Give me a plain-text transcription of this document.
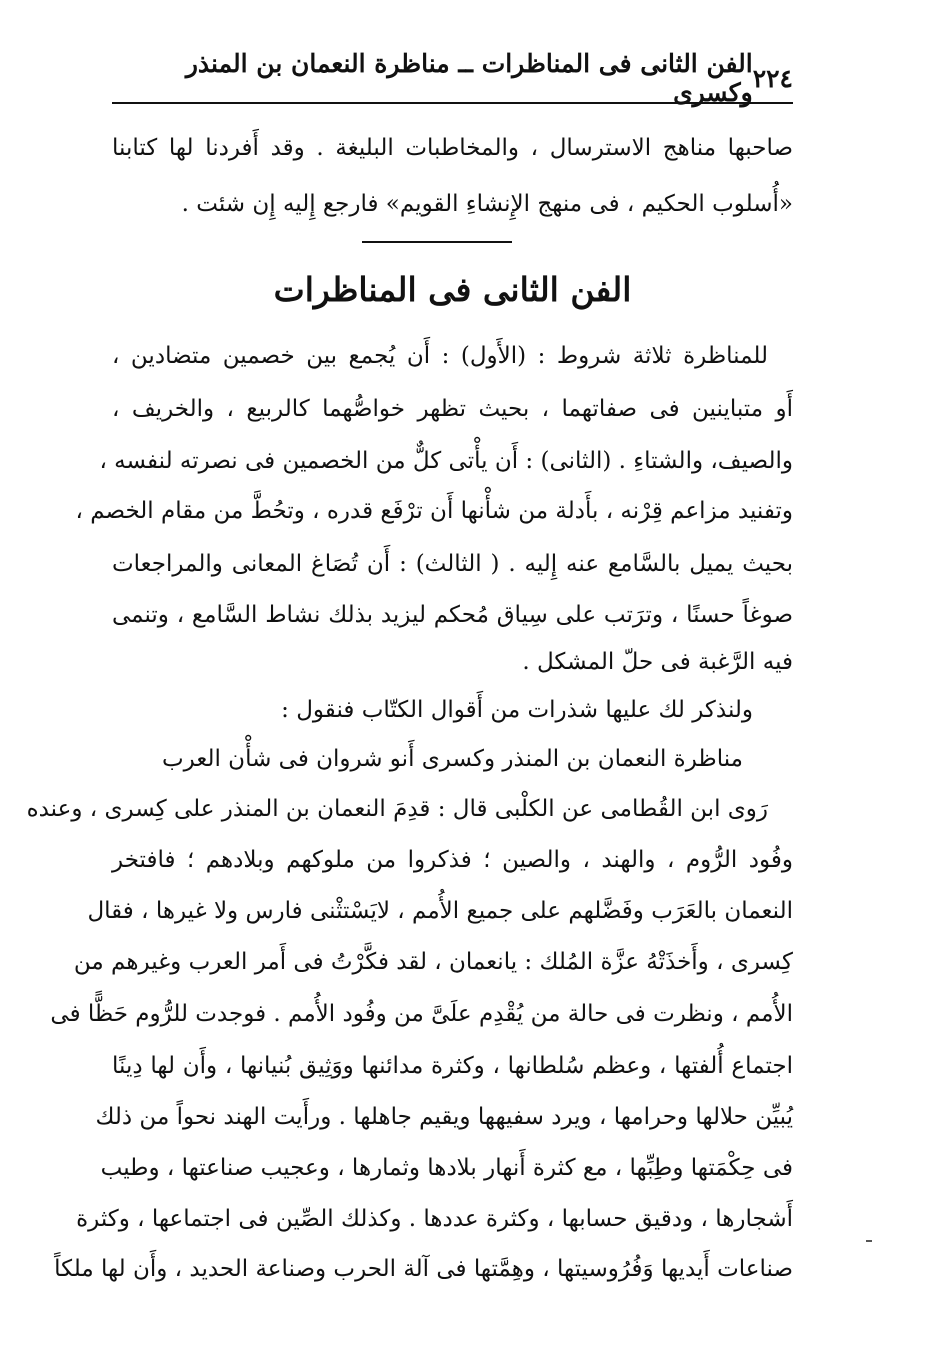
٢٢٤
الفن الثانى فى المناظرات ــ مناظرة النعمان بن المنذر وكسرى
صاحبها مناهج الاسترسال ، والمخاطبات البليغة . وقد أَفردنا لها كتابنا
«أُسلوب الحكيم ، فى منهج الإِنشاءِ القويم» فارجع إِليه إِن شئت .
الفن الثانى فى المناظرات
للمناظرة ثلاثة شروط : (الأَول) : أَن يُجمع بين خصمين متضادين ،
أَو متباينين فى صفاتهما ، بحيث تظهر خواصُّهما كالربيع ، والخريف ،
والصيف، والشتاءِ . (الثانى) : أَن يأْتى كلٌّ من الخصمين فى نصرته لنفسه ،
وتفنيد مزاعم قِرْنه ، بأَدلة من شأْنها أَن ترْفَع قدره ، وتحُطَّ من مقام الخصم ،
بحيث يميل بالسَّامع عنه إِليه . ( الثالث) : أَن تُصَاغ المعانى والمراجعات
صوغاً حسنًا ، وترَتب على سِياق مُحكم ليزيد بذلك نشاط السَّامع ، وتنمى
فيه الرَّغبة فى حلّ المشكل .
ولنذكر لك عليها شذرات من أَقوال الكتّاب فنقول :
مناظرة النعمان بن المنذر وكسرى أَنو شروان فى شأْن العرب
رَوى ابن القُطامى عن الكلْبى قال : قدِمَ النعمان بن المنذر على كِسرى ، وعنده
وفُود الرُّوم ، والهند ، والصين ؛ فذكروا من ملوكهم وبلادهم ؛ فافتخر
النعمان بالعَرَب وفَضَّلهم على جميع الأُمم ، لايَسْتثْنى فارس ولا غيرها ، فقال
كِسرى ، وأَخذَتْهُ عزَّة المُلك : يانعمان ، لقد فكَّرْتُ فى أَمر العرب وغيرهم من
الأُمم ، ونظرت فى حالة من يُقْدِم علَىَّ من وفُود الأُمم . فوجدت للرُّوم حَظًّا فى
اجتماع أُلفتها ، وعظم سُلطانها ، وكثرة مدائنها ووَثِيق بُنيانها ، وأَن لها دِينًا
يُبيِّن حلالها وحرامها ، ويرد سفيهها ويقيم جاهلها . ورأَيت الهند نحواً من ذلك
فى حِكْمَتها وطِبِّها ، مع كثرة أَنهار بلادها وثمارها ، وعجيب صناعتها ، وطيب
أَشجارها ، ودقيق حسابها ، وكثرة عددها . وكذلك الصِّين فى اجتماعها ، وكثرة
صناعات أَيديها وَفُرُوسيتها ، وهِمَّتها فى آلة الحرب وصناعة الحديد ، وأَن لها ملكاً
